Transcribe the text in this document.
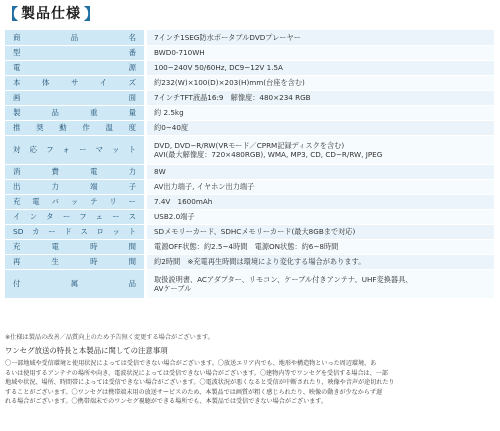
【 製品仕様 】
商品名	7インチ1SEG防水ポータブルDVDプレーヤー
型番	BWD0-710WH
電源	100~240V 50/60Hz, DC9~12V 1.5A
本体サイズ	約232(W)×100(D)×203(H)mm(台座を含む)
画面	7インチTFT液晶16:9　解像度：480×234 RGB
製品重量	約 2.5kg
推奨動作温度	約0~40度
対応フォーマット	DVD, DVD−R/RW(VRモード／CPRM記録ディスクを含む)
AVI(最大解像度：720×480RGB), WMA, MP3, CD, CD−R/RW, JPEG
消費電力	8W
出力端子	AV出力端子, イヤホン出力端子
充電バッテリー	7.4V　1600mAh
インターフェース	USB2.0端子
SDカードスロット	SDメモリーカード、SDHCメモリーカード(最大8GBまで対応)
充電時間	電源OFF状態：約2.5~4時間　電源ON状態：約6~8時間
再生時間	約2時間　※充電再生時間は環境により変化する場合があります。
付属品	取扱説明書、ACアダプター、リモコン、ケーブル付きアンテナ、UHF変換器具、
AVケーブル
※仕様は製品の改善／品質向上のため予告無く変更する場合がございます。
ワンセグ放送の特長と本製品に関しての注意事項
〇一部地域や受信環境と使用状況によっては受信できない場合がございます。〇放送エリア内でも、地形や構造物といった周辺環境、あ
るいは使用するアンテナの場所や向き、電波状況によっては受信できない場合がございます。〇建物内等でワンセグを受信する場合は、一部
地域や状況、場所、時間帯によっては受信できない場合がございます。〇電波状況が悪くなると受信が中断されたり、映像や音声が途切れたり
することがございます。〇ワンセグは携帯端末用の放送サービスのため、本製品では画質が粗く感じられたり、映像の動きが少なからず遅
れる場合がございます。〇携帯端末でのワンセグ視聴ができる場所でも、本製品では受信できない場合がございます。
